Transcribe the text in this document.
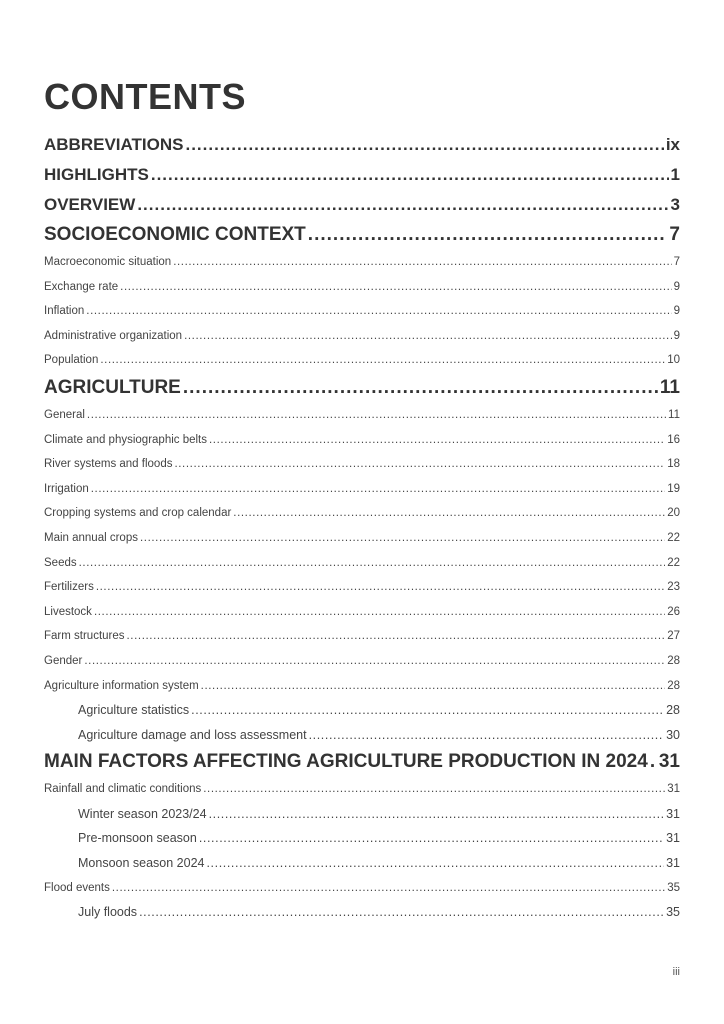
CONTENTS
ABBREVIATIONS .....	ix
HIGHLIGHTS .....	1
OVERVIEW .....	3
SOCIOECONOMIC CONTEXT .....	7
Macroeconomic situation .....	7
Exchange rate .....	9
Inflation .....	9
Administrative organization .....	9
Population .....	10
AGRICULTURE .....	11
General .....	11
Climate and physiographic belts .....	16
River systems and floods .....	18
Irrigation .....	19
Cropping systems and crop calendar .....	20
Main annual crops .....	22
Seeds .....	22
Fertilizers .....	23
Livestock .....	26
Farm structures .....	27
Gender .....	28
Agriculture information system .....	28
Agriculture statistics .....	28
Agriculture damage and loss assessment .....	30
MAIN FACTORS AFFECTING AGRICULTURE PRODUCTION IN 2024 ..... 31
Rainfall and climatic conditions .....	31
Winter season 2023/24 .....	31
Pre-monsoon season .....	31
Monsoon season 2024 .....	31
Flood events .....	35
July floods .....	35
iii
